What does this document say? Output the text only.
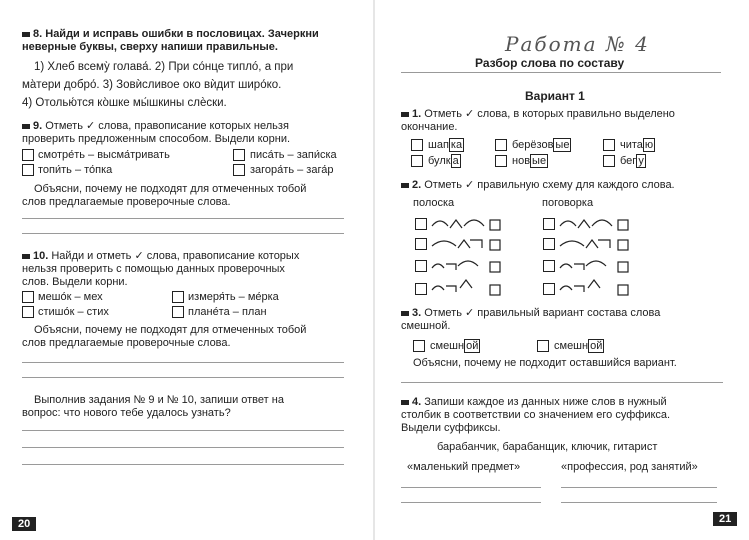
8. Найди и исправь ошибки в пословицах. Зачеркни
неверные буквы, сверху напиши правильные.
1) Хлеб всему̀ голава́. 2) При со́нце типлó, а при
ма̀тери добро́. 3) Зовѝсливое око вѝдит широ́ко.
4) Отолью́тся ко̀шке мы́шкины слѐски.
9. Отметь ✓ слова, правописание которых нельзя
проверить предложенным способом. Выдели корни.
смотре́ть – высма́тривать	писа́ть – запи́ска
топи́ть – то́пка	загора́ть – зага́р
Объясни, почему не подходят для отмеченных тобой
слов предлагаемые проверочные слова.
10. Найди и отметь ✓ слова, правописание которых
нельзя проверить с помощью данных проверочных
слов. Выдели корни.
мешо́к – мех	измеря́ть – ме́рка
стишо́к – стих	плане́та – план
Объясни, почему не подходят для отмеченных тобой
слов предлагаемые проверочные слова.
Выполнив задания № 9 и № 10, запиши ответ на
вопрос: что нового тебе удалось узнать?
20
Работа № 4
Разбор слова по составу
Вариант 1
1. Отметь ✓ слова, в которых правильно выделено
окончание.
шап ка	берёзов ые	чита ю
булк а	нов ые	бег у
2. Отметь ✓ правильную схему для каждого слова.
полоска	поговорка
3. Отметь ✓ правильный вариант состава слова
смешной.
смешн ой	смешн ой
Объясни, почему не подходит оставшийся вариант.
4. Запиши каждое из данных ниже слов в нужный
столбик в соответствии со значением его суффикса.
Выдели суффиксы.
барабанчик, барабанщик, ключик, гитарист
«маленький предмет»	«профессия, род занятий»
21
